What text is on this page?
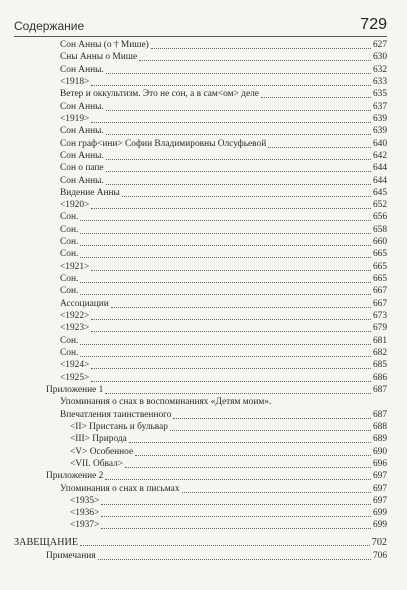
Содержание	729
Сон Анны (о † Мише)	627
Сны Анны о Мише	630
Сон Анны.	632
<1918>	633
Ветер и оккультизм. Это не сон, а в сам<ом> деле	635
Сон Анны.	637
<1919>	639
Сон Анны.	639
Сон граф<ини> Софии Владимировны Олсуфьевой	640
Сон Анны.	642
Сон о папе	644
Сон Анны.	644
Видение Анны	645
<1920>	652
Сон.	656
Сон.	658
Сон.	660
Сон.	665
<1921>	665
Сон.	665
Сон.	667
Ассоциации	667
<1922>	673
<1923>	679
Сон.	681
Сон.	682
<1924>	685
<1925>	686
Приложение 1	687
Упоминания о снах в воспоминаниях «Детям моим».
Впечатления таинственного	687
<II> Пристань и бульвар	688
<III> Природа	689
<V> Особенное	690
<VII. Обвал>	696
Приложение 2	697
Упоминания о снах в письмах	697
<1935>	697
<1936>	699
<1937>	699
ЗАВЕЩАНИЕ	702
Примечания	706
